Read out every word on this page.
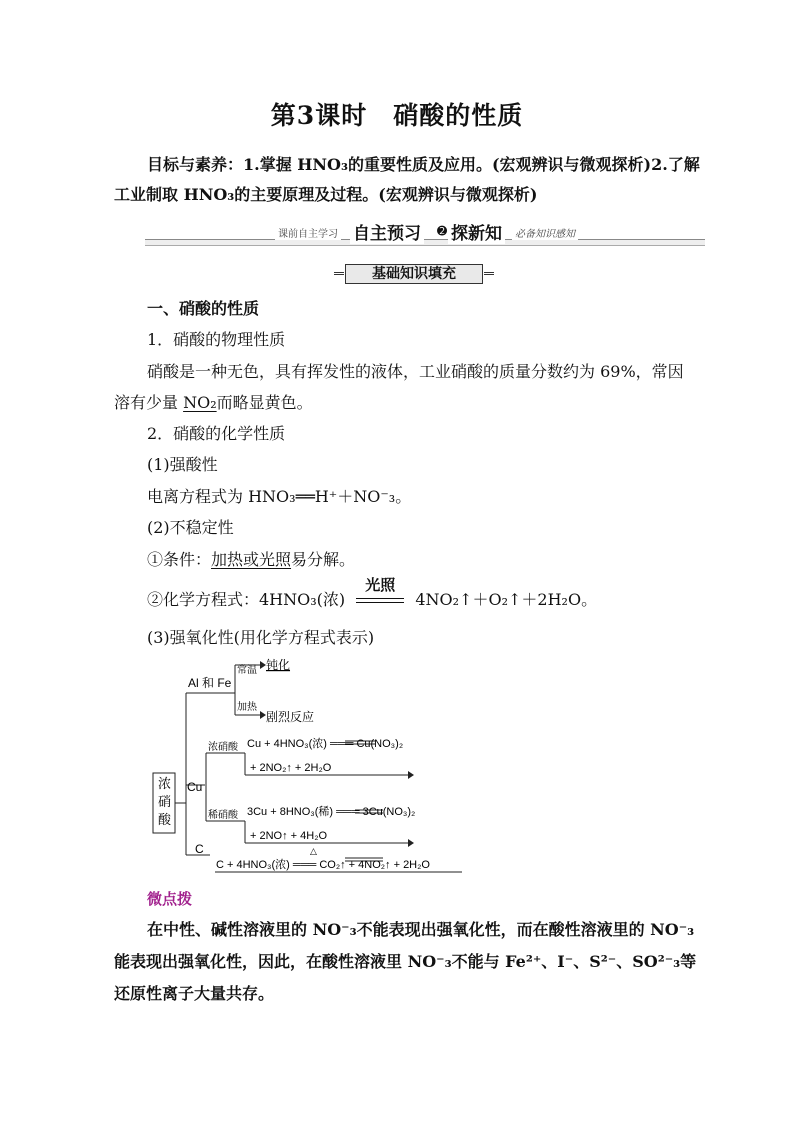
第3课时　硝酸的性质
目标与素养：1.掌握 HNO₃的重要性质及应用。(宏观辨识与微观探析)2.了解
工业制取 HNO₃的主要原理及过程。(宏观辨识与微观探析)
课前自主学习 自主预习 ➋ 探新知	必备知识感知
基础知识填充
一、硝酸的性质
1．硝酸的物理性质
硝酸是一种无色，具有挥发性的液体，工业硝酸的质量分数约为 69%，常因
溶有少量 NO₂而略显黄色。
2．硝酸的化学性质
(1)强酸性
电离方程式为 HNO₃══H⁺＋NO⁻₃。
(2)不稳定性
①条件：加热或光照易分解。
②化学方程式：4HNO₃(浓)
光照
4NO₂↑＋O₂↑＋2H₂O。
(3)强氧化性(用化学方程式表示)
浓
硝
酸
Al 和 Fe
常温 钝化
加热
剧烈反应
Cu
浓硝酸 Cu + 4HNO₃(浓) ═══ Cu(NO₃)₂
+ 2NO₂↑ + 2H₂O
稀硝酸 3Cu + 8HNO₃(稀) ═══ 3Cu(NO₃)₂
+ 2NO↑ + 4H₂O
C	△
C + 4HNO₃(浓) ═══ CO₂↑ + 4NO₂↑ + 2H₂O
微点拨
在中性、碱性溶液里的 NO⁻₃不能表现出强氧化性，而在酸性溶液里的 NO⁻₃
能表现出强氧化性，因此，在酸性溶液里 NO⁻₃不能与 Fe²⁺、I⁻、S²⁻、SO²⁻₃等
还原性离子大量共存。
